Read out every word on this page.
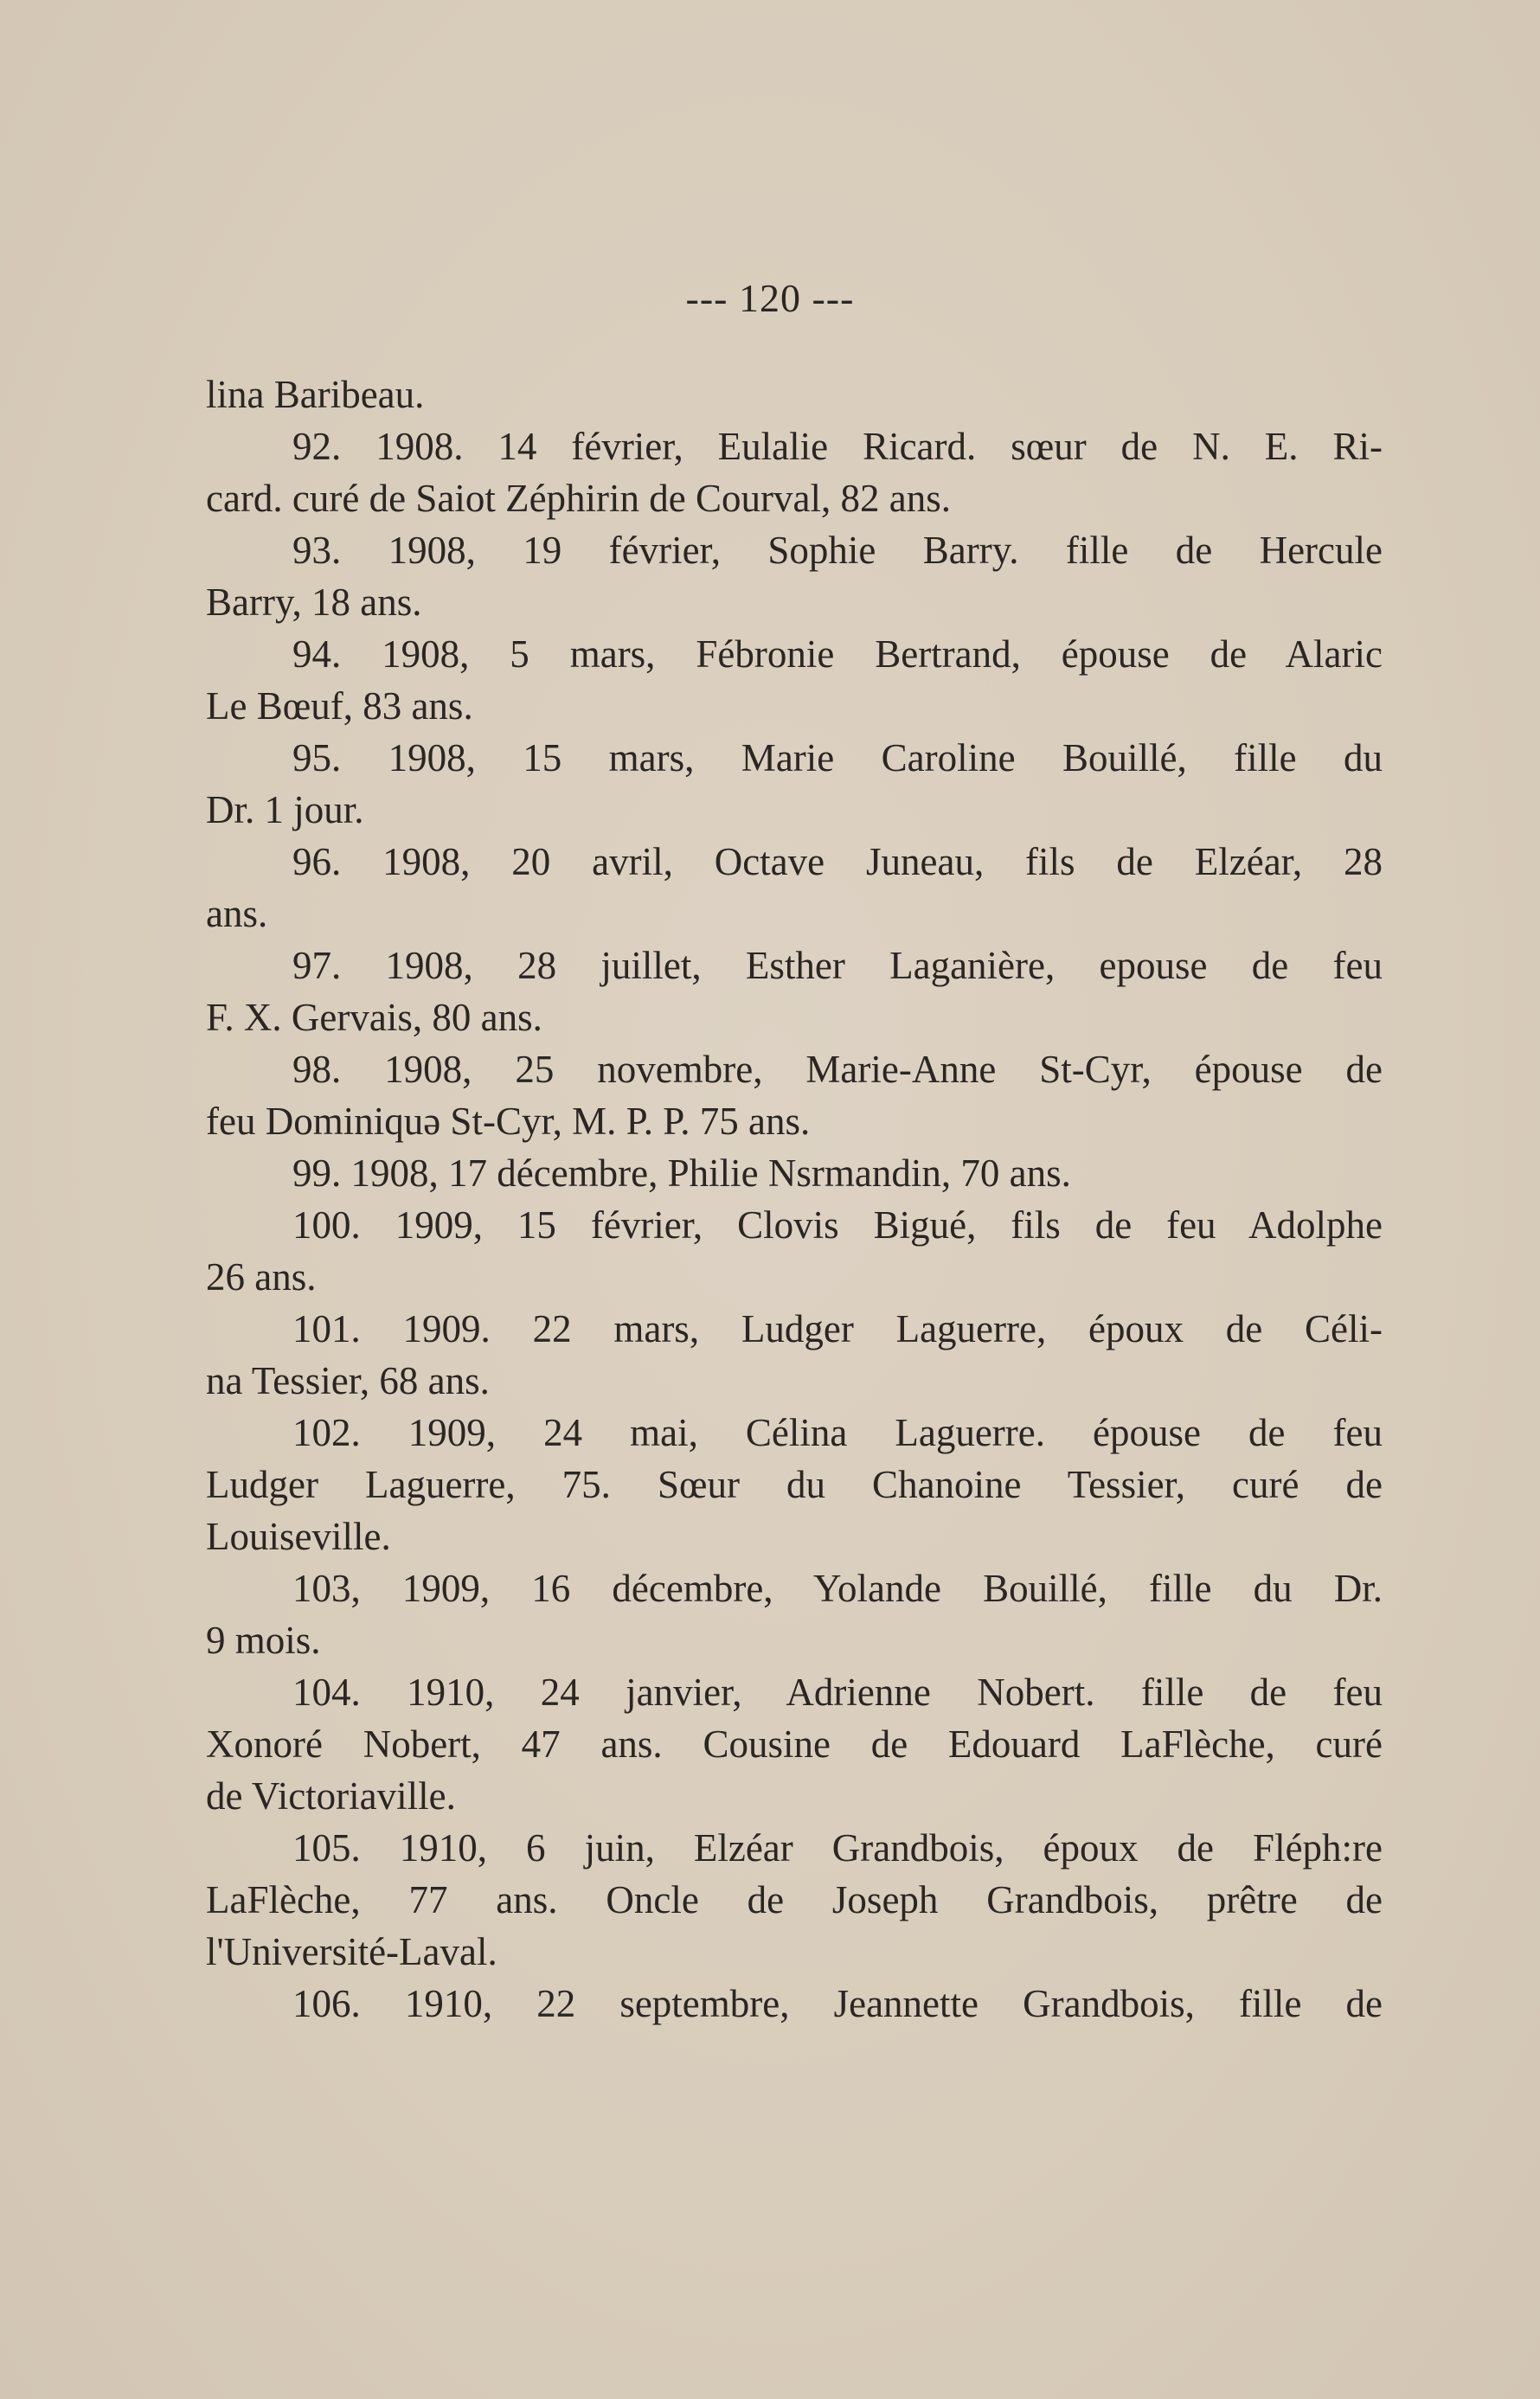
--- 120 ---
lina Baribeau.
92. 1908. 14 février, Eulalie Ricard. sœur de N. E. Ri-
card. curé de Saiot Zéphirin de Courval, 82 ans.
93. 1908, 19 février, Sophie Barry. fille de Hercule
Barry, 18 ans.
94. 1908, 5 mars, Fébronie Bertrand, épouse de Alaric
Le Bœuf, 83 ans.
95. 1908, 15 mars, Marie Caroline Bouillé, fille du
Dr. 1 jour.
96. 1908, 20 avril, Octave Juneau, fils de Elzéar, 28
ans.
97. 1908, 28 juillet, Esther Laganière, epouse de feu
F. X. Gervais, 80 ans.
98. 1908, 25 novembre, Marie-Anne St-Cyr, épouse de
feu Dominiquə St-Cyr, M. P. P. 75 ans.
99. 1908, 17 décembre, Philie Nsrmandin, 70 ans.
100. 1909, 15 février, Clovis Bigué, fils de feu Adolphe
26 ans.
101. 1909. 22 mars, Ludger Laguerre, époux de Céli-
na Tessier, 68 ans.
102. 1909, 24 mai, Célina Laguerre. épouse de feu
Ludger Laguerre, 75. Sœur du Chanoine Tessier, curé de
Louiseville.
103, 1909, 16 décembre, Yolande Bouillé, fille du Dr.
9 mois.
104. 1910, 24 janvier, Adrienne Nobert. fille de feu
Xonoré Nobert, 47 ans. Cousine de Edouard LaFlèche, curé
de Victoriaville.
105. 1910, 6 juin, Elzéar Grandbois, époux de Fléph:re
LaFlèche, 77 ans. Oncle de Joseph Grandbois, prêtre de
l'Université-Laval.
106. 1910, 22 septembre, Jeannette Grandbois, fille de
